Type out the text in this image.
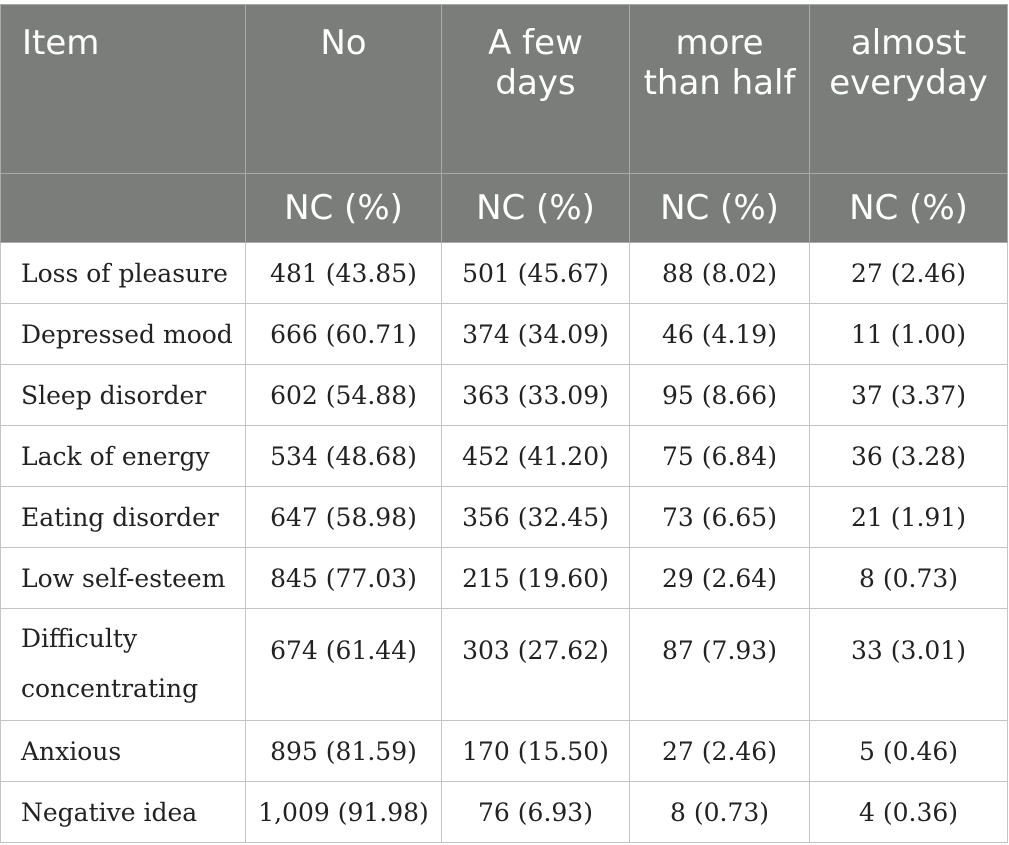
Item	No	A few days	more than half	almost everyday
	NC (%)	NC (%)	NC (%)	NC (%)
Loss of pleasure	481 (43.85)	501 (45.67)	88 (8.02)	27 (2.46)
Depressed mood	666 (60.71)	374 (34.09)	46 (4.19)	11 (1.00)
Sleep disorder	602 (54.88)	363 (33.09)	95 (8.66)	37 (3.37)
Lack of energy	534 (48.68)	452 (41.20)	75 (6.84)	36 (3.28)
Eating disorder	647 (58.98)	356 (32.45)	73 (6.65)	21 (1.91)
Low self-esteem	845 (77.03)	215 (19.60)	29 (2.64)	8 (0.73)
Difficulty concentrating	674 (61.44)	303 (27.62)	87 (7.93)	33 (3.01)
Anxious	895 (81.59)	170 (15.50)	27 (2.46)	5 (0.46)
Negative idea	1,009 (91.98)	76 (6.93)	8 (0.73)	4 (0.36)
